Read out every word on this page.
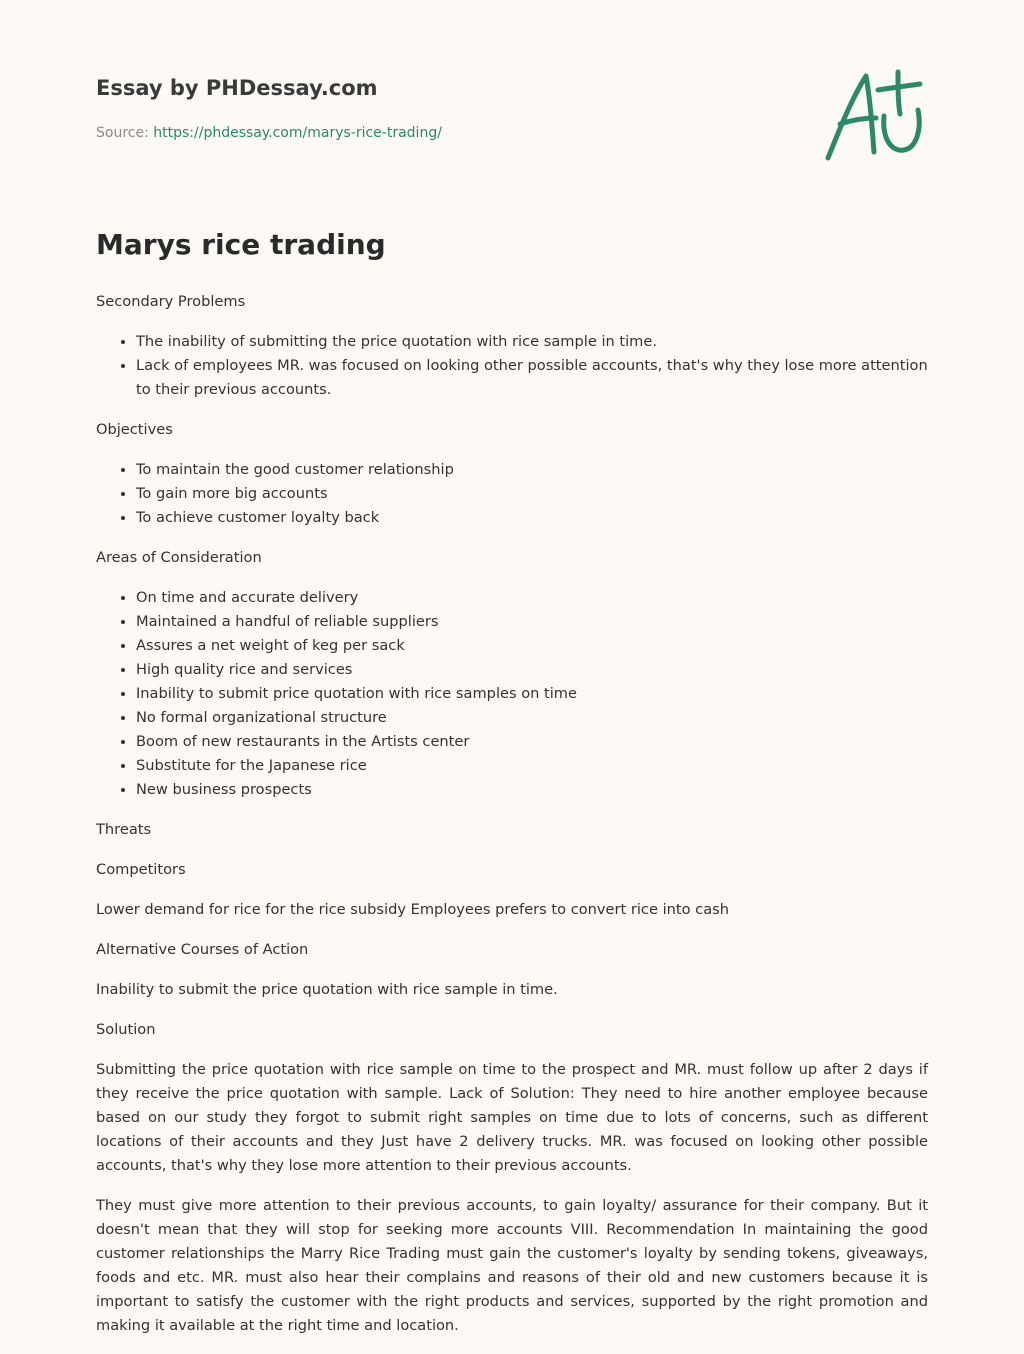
Essay by PHDessay.com

Source: https://phdessay.com/marys-rice-trading/

Marys rice trading

Secondary Problems

• The inability of submitting the price quotation with rice sample in time.
• Lack of employees MR. was focused on looking other possible accounts, that's why they lose more attention to their previous accounts.

Objectives

• To maintain the good customer relationship
• To gain more big accounts
• To achieve customer loyalty back

Areas of Consideration

• On time and accurate delivery
• Maintained a handful of reliable suppliers
• Assures a net weight of keg per sack
• High quality rice and services
• Inability to submit price quotation with rice samples on time
• No formal organizational structure
• Boom of new restaurants in the Artists center
• Substitute for the Japanese rice
• New business prospects

Threats

Competitors

Lower demand for rice for the rice subsidy Employees prefers to convert rice into cash

Alternative Courses of Action

Inability to submit the price quotation with rice sample in time.

Solution

Submitting the price quotation with rice sample on time to the prospect and MR. must follow up after 2 days if they receive the price quotation with sample. Lack of Solution: They need to hire another employee because based on our study they forgot to submit right samples on time due to lots of concerns, such as different locations of their accounts and they Just have 2 delivery trucks. MR. was focused on looking other possible accounts, that's why they lose more attention to their previous accounts.

They must give more attention to their previous accounts, to gain loyalty/ assurance for their company. But it doesn't mean that they will stop for seeking more accounts VIII. Recommendation In maintaining the good customer relationships the Marry Rice Trading must gain the customer's loyalty by sending tokens, giveaways, foods and etc. MR. must also hear their complains and reasons of their old and new customers because it is important to satisfy the customer with the right products and services, supported by the right promotion and making it available at the right time and location.
